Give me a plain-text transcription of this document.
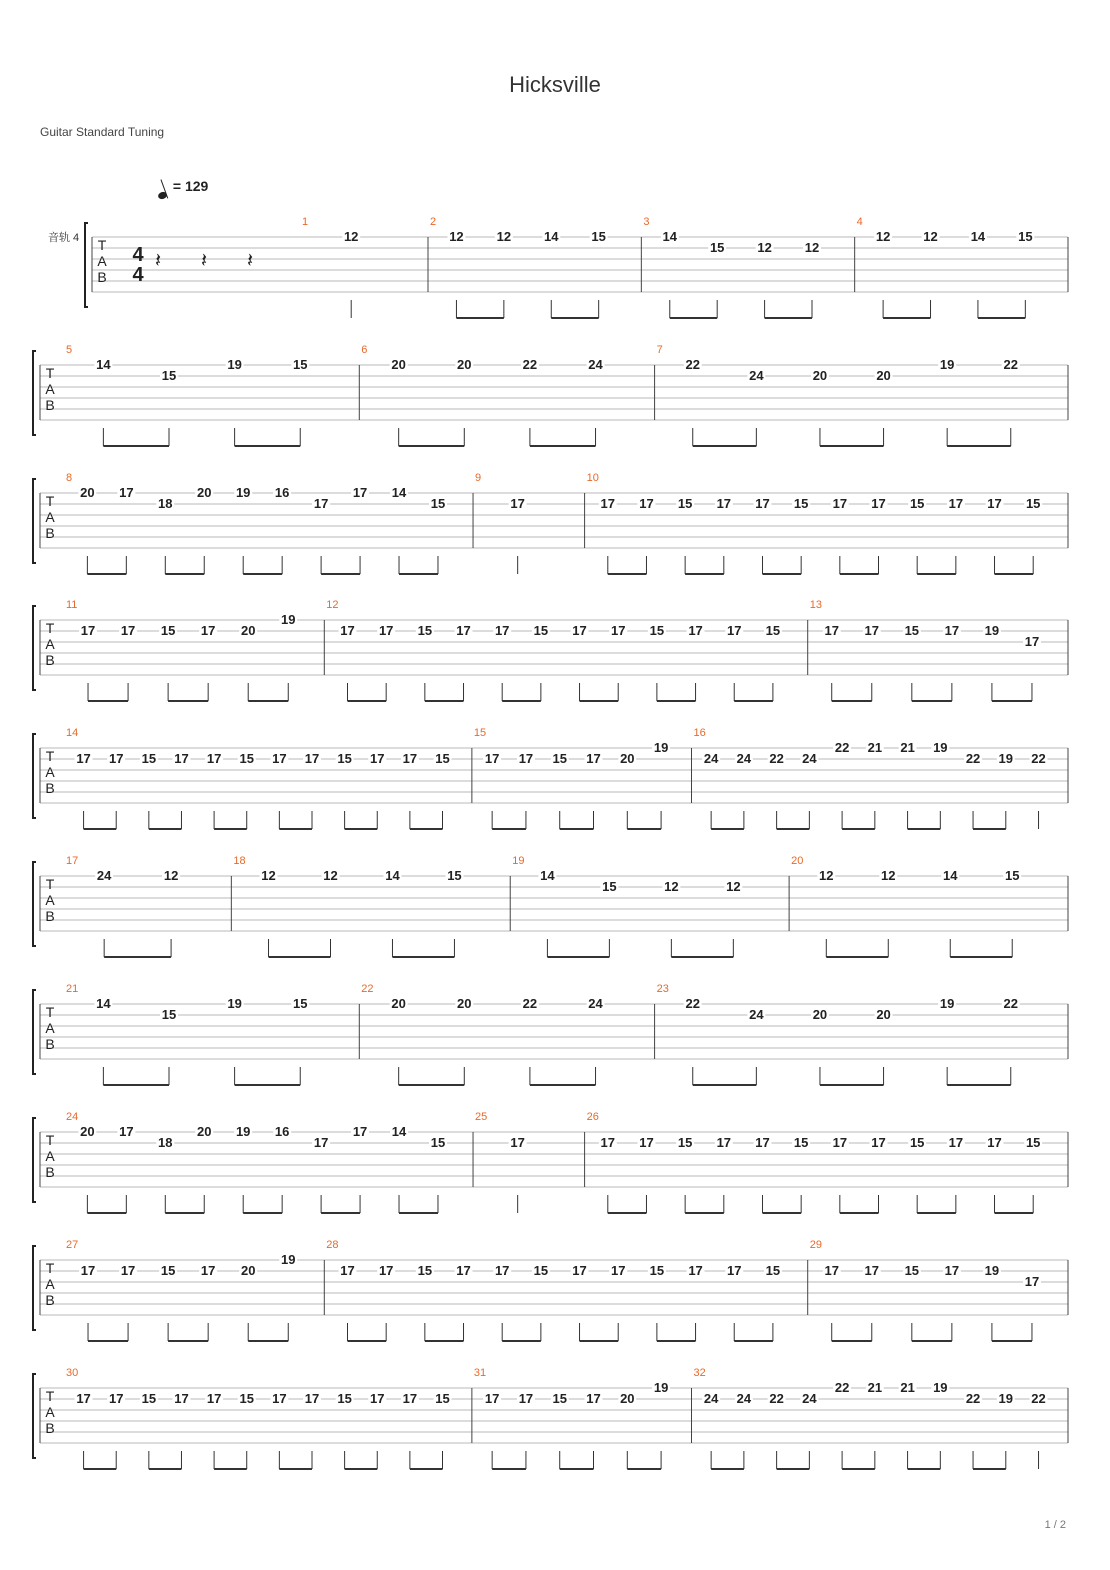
Hicksville
Guitar Standard Tuning
= 129
音轨 4 T
A
B
4
4
𝄽 𝄽 𝄽
1
12
2
12	12	14	15
3
14
15	12	12
4
12	12	14	15
T
A
B
5
14
15
19	15
6
20	20	22	24
7
22
24	20	20
19	22
T
A
B
8
20 17
18
20 19 16
17
17 14
15
9
17
10
17 17 15 17 17 15 17 17 15 17 17 15
T
A
B
11
17 17 15 17 20
19
12
17 17 15 17 17 15 17 17 15 17 17 15
13
17 17 15 17 19
17
T
A
B
14
17 17 15 17 17 15 17 17 15 17 17 15
15
17 17 15 17 20
19
16
24 24 22 24
22 21 21 19
22 19 22
T
A
B
17
24	12
18
12	12	14	15
19
14
15	12	12
20
12	12	14	15
T
A
B
21
14
15
19	15
22
20	20	22	24
23
22
24	20	20
19	22
T
A
B
24
20 17
18
20 19 16
17
17 14
15
25
17
26
17 17 15 17 17 15 17 17 15 17 17 15
T
A
B
27
17 17 15 17 20
19
28
17 17 15 17 17 15 17 17 15 17 17 15
29
17 17 15 17 19
17
T
A
B
30
17 17 15 17 17 15 17 17 15 17 17 15
31
17 17 15 17 20
19
32
24 24 22 24
22 21 21 19
22 19 22
1 / 2
